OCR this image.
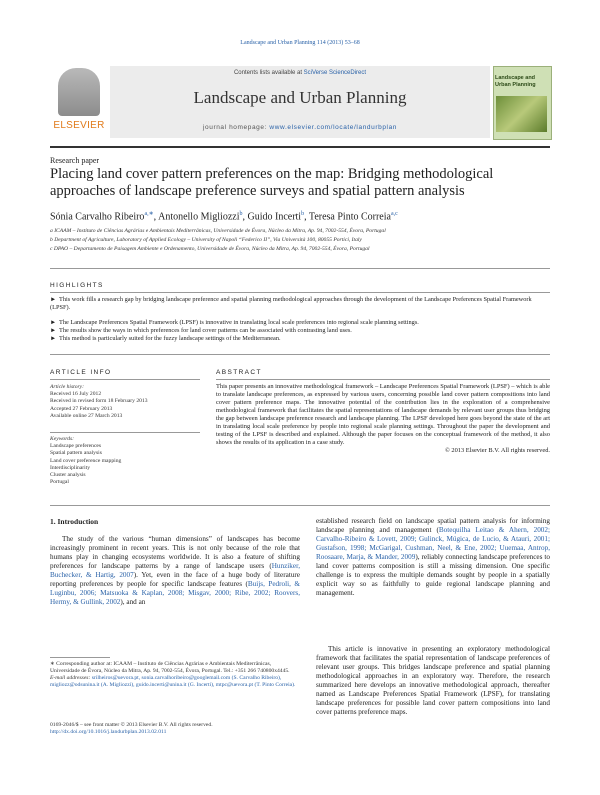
Landscape and Urban Planning 114 (2013) 53–68
ELSEVIER
Contents lists available at SciVerse ScienceDirect
Landscape and Urban Planning
journal homepage: www.elsevier.com/locate/landurbplan
Landscape and Urban Planning
Research paper
Placing land cover pattern preferences on the map: Bridging methodological approaches of landscape preference surveys and spatial pattern analysis
Sónia Carvalho Ribeiro$^{a,∗}$, Antonello Migliozzi$^b$, Guido Incerti$^b$, Teresa Pinto Correia$^{a,c}$
a ICAAM – Instituto de Ciências Agrárias e Ambientais Mediterrânicas, Universidade de Évora, Núcleo da Mitra, Ap. 94, 7002-554, Évora, Portugal
b Department of Agriculture, Laboratory of Applied Ecology – University of Napoli “Federico II”, Via Università 100, 80055 Portici, Italy
c DPAO – Departamento de Paisagem Ambiente e Ordenamento, Universidade de Évora, Núcleo da Mitra, Ap. 94, 7002-554, Évora, Portugal
HIGHLIGHTS
► This work fills a research gap by bridging landscape preference and spatial planning methodological approaches through the development of the Landscape Preferences Spatial Framework (LPSF).
► The Landscape Preferences Spatial Framework (LPSF) is innovative in translating local scale preferences into regional scale planning settings.
► The results show the ways in which preferences for land cover patterns can be associated with contrasting land uses.
► This method is particularly suited for the fuzzy landscape settings of the Mediterranean.
ARTICLE INFO
Article history:
Received 16 July 2012
Received in revised form 18 February 2013
Accepted 27 February 2013
Available online 27 March 2013
Keywords:
Landscape preferences
Spatial pattern analysis
Land cover preference mapping
Interdisciplinarity
Cluster analysis
Portugal
ABSTRACT
This paper presents an innovative methodological framework – Landscape Preferences Spatial Framework (LPSF) – which is able to translate landscape preferences, as expressed by various users, concerning possible land cover pattern compositions into land cover pattern preference maps. The innovative potential of the contribution lies in the exploration of a comprehensive methodological framework that facilitates the spatial representations of landscape demands by relevant user groups thus bridging the gap between landscape preference research and landscape planning. The LPSF developed here goes beyond the state of the art in translating local scale preference by people into regional scale planning settings. Throughout the paper the development and testing of the LPSF is described and explained. Although the paper focuses on the conceptual framework of the method, it also shows the results of its application in a case study.
© 2013 Elsevier B.V. All rights reserved.
1. Introduction
The study of the various “human dimensions” of landscapes has become increasingly prominent in recent years. This is not only because of the role that humans play in changing ecosystems worldwide. It is also a feature of shifting preferences for landscape patterns by a range of landscape users (Hunziker, Buchecker, & Hartig, 2007). Yet, even in the face of a huge body of literature reporting preferences by people for specific landscape features (Buijs, Pedroli, & Luginbu, 2006; Matsuoka & Kaplan, 2008; Misgav, 2000; Ribe, 2002; Roovers, Hermy, & Gullink, 2002), and an
established research field on landscape spatial pattern analysis for informing landscape planning and management (Botequilha Leitao & Ahern, 2002; Carvalho-Ribeiro & Lovett, 2009; Gulinck, Múgica, de Lucio, & Atauri, 2001; Gustafson, 1998; McGarigal, Cushman, Neel, & Ene, 2002; Uuemaa, Antrop, Roosaare, Marja, & Mander, 2009), reliably connecting landscape preferences to land cover patterns composition is still a missing dimension. One specific challenge is to express the multiple demands sought by people in a spatially explicit way so as faithfully to guide regional landscape planning and management.
This article is innovative in presenting an exploratory methodological framework that facilitates the spatial representation of landscape preferences of relevant user groups. This bridges landscape preference and spatial planning methodological approaches in an exploratory way. Therefore, the research summarized here develops an innovative methodological approach, thereafter named as Landscape Preferences Spatial Framework (LPSF), for translating landscape preferences for possible land cover pattern compositions into land cover patterns preference maps.
∗ Corresponding author at: ICAAM – Instituto de Ciências Agrárias e Ambientais Mediterrânicas, Universidade de Évora, Núcleo da Mitra, Ap. 94, 7002-554, Évora, Portugal. Tel.: +351 266 740800x4445.
E-mail addresses: srilheiros@uevora.pt, sonia.carvalhoribeiro@googlemail.com (S. Carvalho Ribeiro), migliozz@odsunina.it (A. Migliozzi), guido.incerti@unina.it (G. Incerti), mtpc@uevora.pt (T. Pinto Correia).
0169-2046/$ – see front matter © 2013 Elsevier B.V. All rights reserved.
http://dx.doi.org/10.1016/j.landurbplan.2013.02.011
